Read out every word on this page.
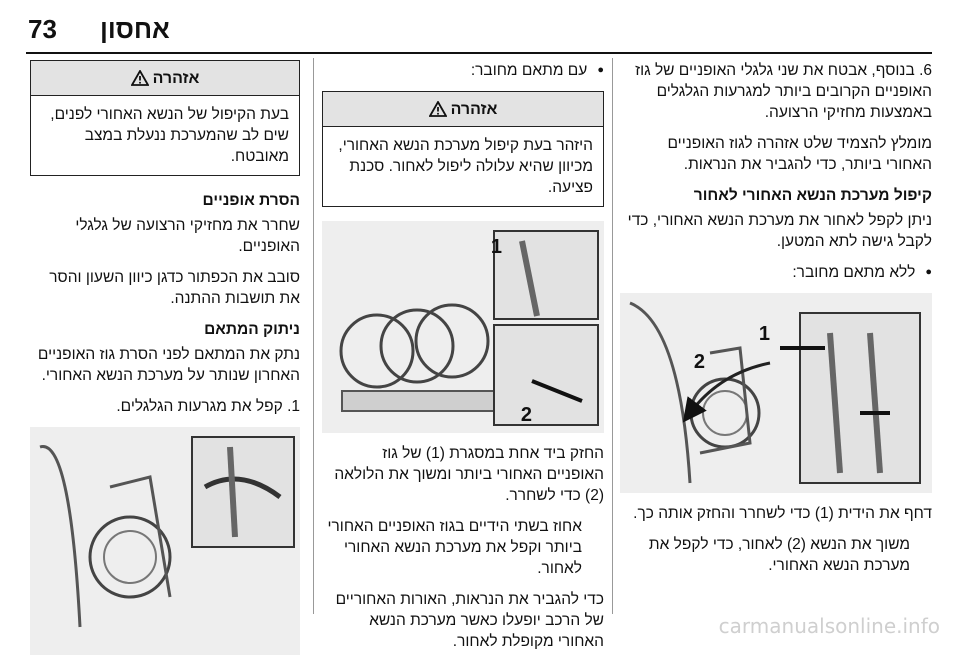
73 אחסון

6. בנוסף, אבטח את שני גלגלי האופניים של גוז האופניים הקרובים ביותר למגרעות הגלגלים באמצעות מחזיקי הרצועה.

מומלץ להצמיד שלט אזהרה לגוז האופניים האחורי ביותר, כדי להגביר את הנראות.

קיפול מערכת הנשא האחורי לאחור

ניתן לקפל לאחור את מערכת הנשא האחורי, כדי לקבל גישה לתא המטען.

● ללא מתאם מחובר:

1
2

דחף את הידית (1) כדי לשחרר והחזק אותה כך.

משוך את הנשא (2) לאחור, כדי לקפל את מערכת הנשא האחורי.

● עם מתאם מחובר:

אזהרה
היזהר בעת קיפול מערכת הנשא האחורי, מכיוון שהיא עלולה ליפול לאחור. סכנת פציעה.
1
2

החזק ביד אחת במסגרת (1) של גוז האופניים האחורי ביותר ומשוך את הלולאה (2) כדי לשחרר.

אחוז בשתי הידיים בגוז האופניים האחורי ביותר וקפל את מערכת הנשא האחורי לאחור.

כדי להגביר את הנראות, האורות האחוריים של הרכב יופעלו כאשר מערכת הנשא האחורי מקופלת לאחור.

אזהרה
בעת הקיפול של הנשא האחורי לפנים, שים לב שהמערכת ננעלת במצב מאובטח.

הסרת אופניים

שחרר את מחזיקי הרצועה של גלגלי האופניים.

סובב את הכפתור כדגן כיוון השעון והסר את תושבות ההתנה.

ניתוק המתאם

נתק את המתאם לפני הסרת גוז האופניים האחרון שנותר על מערכת הנשא האחורי.

1. קפל את מגרעות הגלגלים.

carmanualsonline.info
